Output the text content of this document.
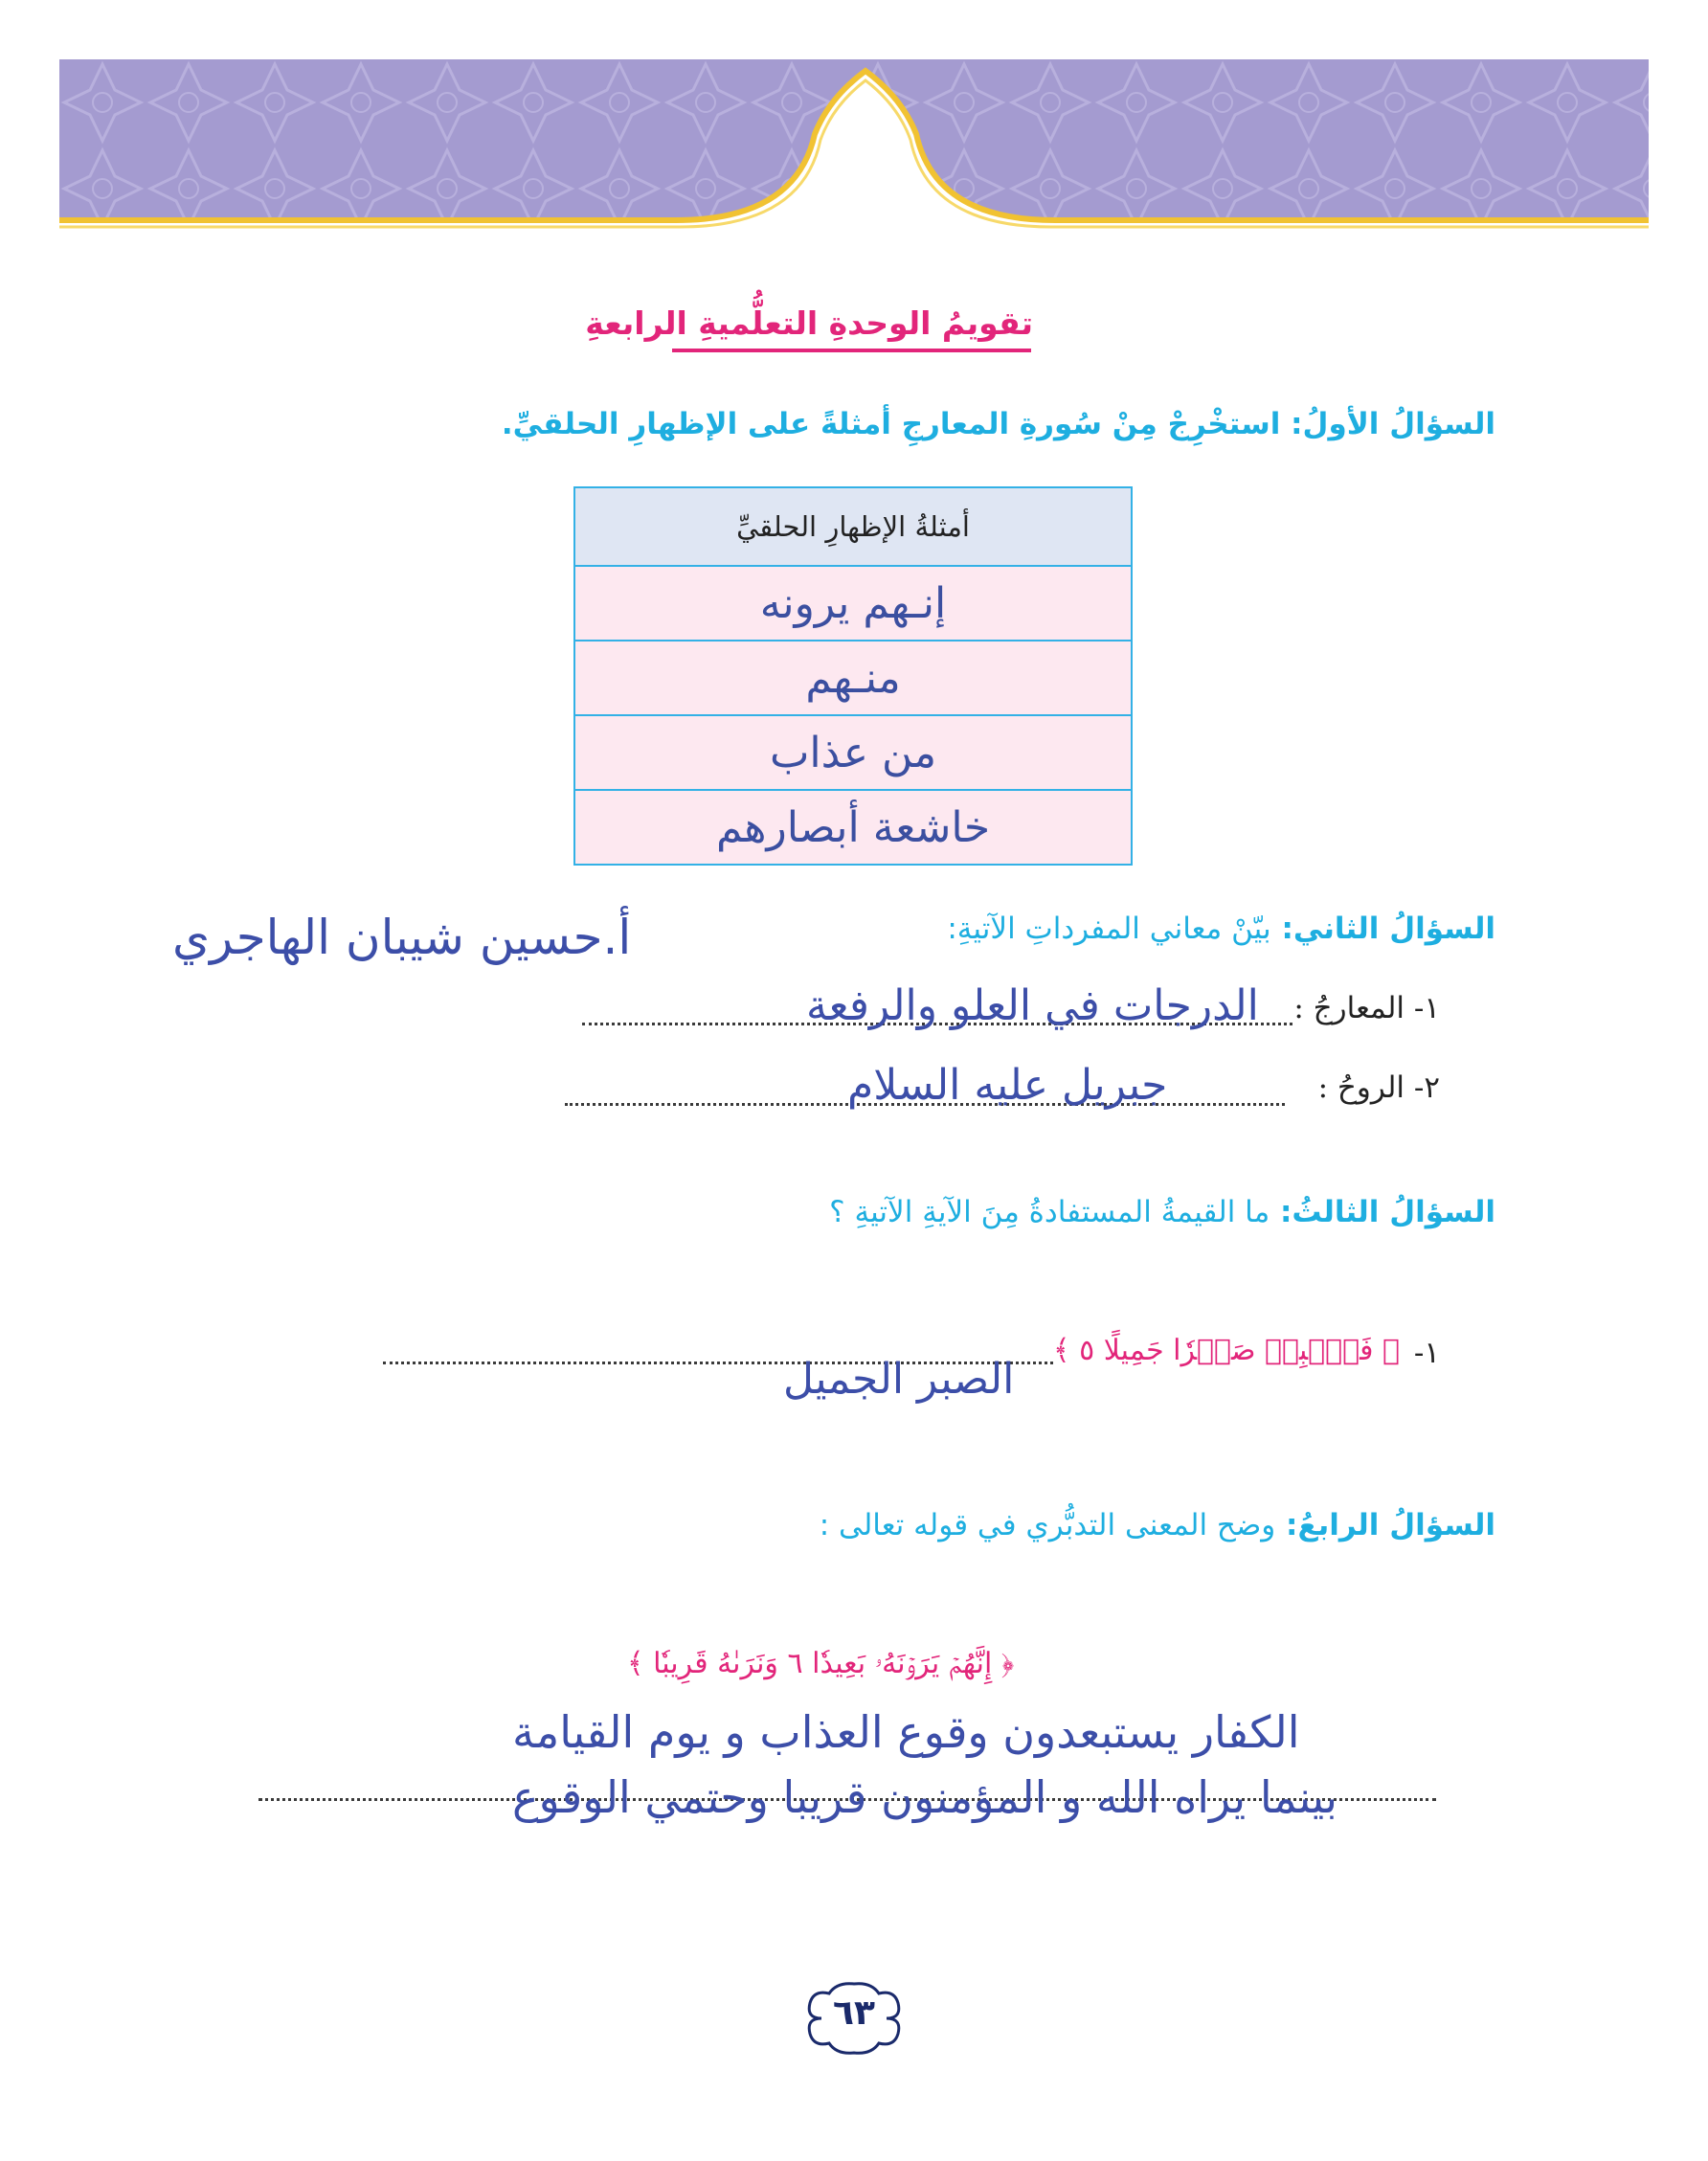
تقويمُ الوحدةِ التعلُّميةِ الرابعةِ
السؤالُ الأولُ: استخْرِجْ مِنْ سُورةِ المعارجِ أمثلةً على الإظهارِ الحلقيِّ.
أمثلةُ الإظهارِ الحلقيِّ
إنـهم يرونه
منـهم
من عذاب
خاشعة أبصارهم
أ.حسين شيبان الهاجري	السؤالُ الثاني: بيّنْ معاني المفرداتِ الآتيةِ:
١- المعارجُ :
الدرجات في العلو والرفعة
٢- الروحُ :
جبريل عليه السلام
السؤالُ الثالثُ: ما القيمةُ المستفادةُ مِنَ الآيةِ الآتيةِ ؟
١-
﴿ فَٱصۡبِرۡ صَبۡرٗا جَمِيلًا ٥ ﴾
الصبر الجميل
السؤالُ الرابعُ: وضح المعنى التدبُّري في قوله تعالى :
﴿ إِنَّهُمۡ يَرَوۡنَهُۥ بَعِيدٗا ٦ وَنَرَىٰهُ قَرِيبٗا ﴾
الكفار يستبعدون وقوع العذاب و يوم القيامة
بينما يراه الله و المؤمنون قريبا وحتمي الوقوع
٦٣
